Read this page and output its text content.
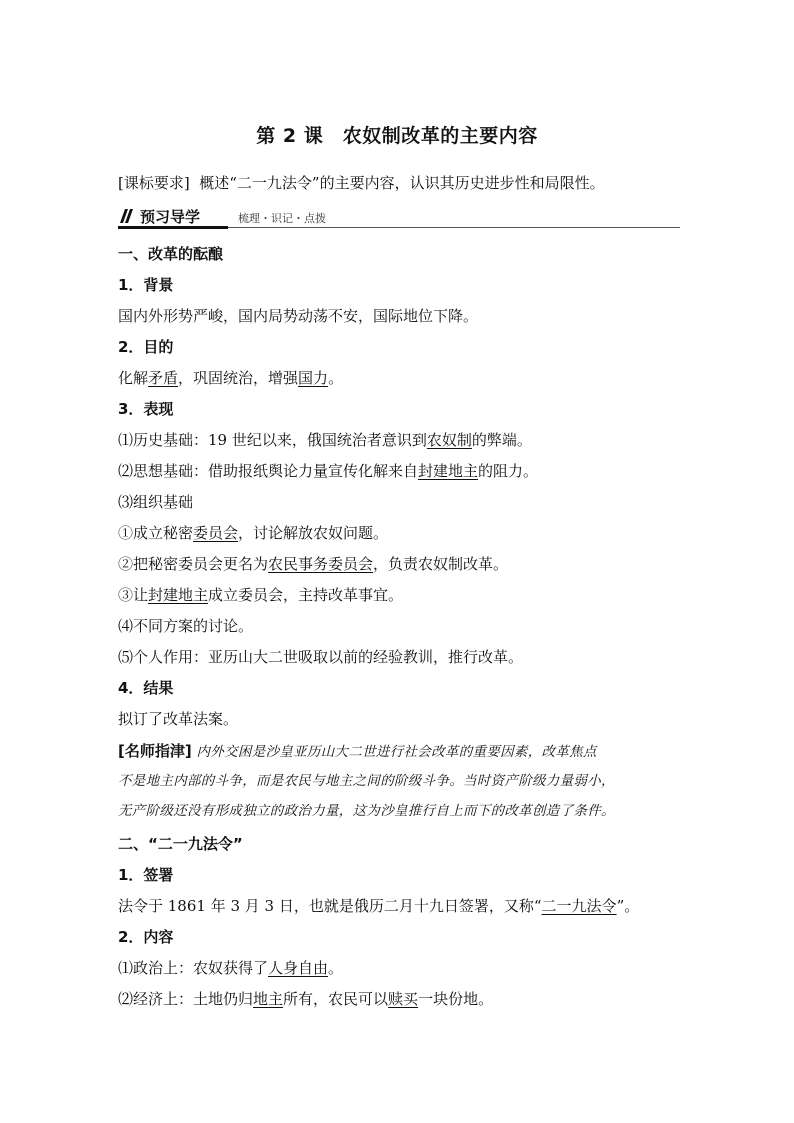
第 2 课　农奴制改革的主要内容
[课标要求] 概述“二一九法令”的主要内容，认识其历史进步性和局限性。
预习导学	梳理・识记・点拨
一、改革的酝酿
1．背景
国内外形势严峻，国内局势动荡不安，国际地位下降。
2．目的
化解矛盾，巩固统治，增强国力。
3．表现
⑴历史基础：19 世纪以来，俄国统治者意识到农奴制的弊端。
⑵思想基础：借助报纸舆论力量宣传化解来自封建地主的阻力。
⑶组织基础
①成立秘密委员会，讨论解放农奴问题。
②把秘密委员会更名为农民事务委员会，负责农奴制改革。
③让封建地主成立委员会，主持改革事宜。
⑷不同方案的讨论。
⑸个人作用：亚历山大二世吸取以前的经验教训，推行改革。
4．结果
拟订了改革法案。
[名师指津] 内外交困是沙皇亚历山大二世进行社会改革的重要因素，改革焦点
不是地主内部的斗争，而是农民与地主之间的阶级斗争。当时资产阶级力量弱小，
无产阶级还没有形成独立的政治力量，这为沙皇推行自上而下的改革创造了条件。
二、“二一九法令”
1．签署
法令于 1861 年 3 月 3 日，也就是俄历二月十九日签署，又称“二一九法令”。
2．内容
⑴政治上：农奴获得了人身自由。
⑵经济上：土地仍归地主所有，农民可以赎买一块份地。
